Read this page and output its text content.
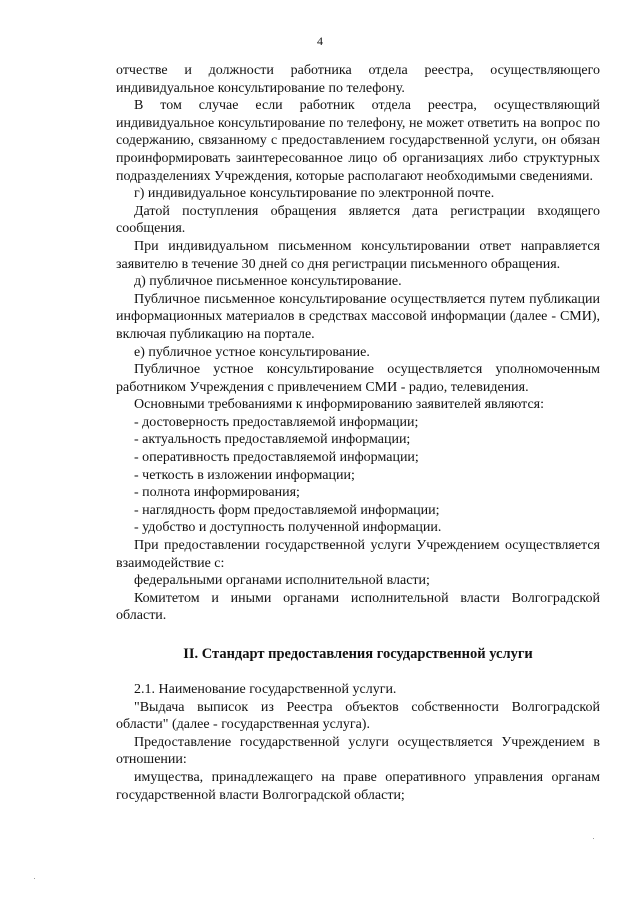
4

отчестве и должности работника отдела реестра, осуществляющего индивидуальное консультирование по телефону.

В том случае если работник отдела реестра, осуществляющий индивидуальное консультирование по телефону, не может ответить на вопрос по содержанию, связанному с предоставлением государственной услуги, он обязан проинформировать заинтересованное лицо об организациях либо структурных подразделениях Учреждения, которые располагают необходимыми сведениями.

г) индивидуальное консультирование по электронной почте.

Датой поступления обращения является дата регистрации входящего сообщения.

При индивидуальном письменном консультировании ответ направляется заявителю в течение 30 дней со дня регистрации письменного обращения.

д) публичное письменное консультирование.

Публичное письменное консультирование осуществляется путем публикации информационных материалов в средствах массовой информации (далее - СМИ), включая публикацию на портале.

е) публичное устное консультирование.

Публичное устное консультирование осуществляется уполномоченным работником Учреждения с привлечением СМИ - радио, телевидения.

Основными требованиями к информированию заявителей являются:

- достоверность предоставляемой информации;

- актуальность предоставляемой информации;

- оперативность предоставляемой информации;

- четкость в изложении информации;

- полнота информирования;

- наглядность форм предоставляемой информации;

- удобство и доступность полученной информации.

При предоставлении государственной услуги Учреждением осуществляется взаимодействие с:

федеральными органами исполнительной власти;

Комитетом и иными органами исполнительной власти Волгоградской области.

II. Стандарт предоставления государственной услуги

2.1. Наименование государственной услуги.

"Выдача выписок из Реестра объектов собственности Волгоградской области" (далее - государственная услуга).

Предоставление государственной услуги осуществляется Учреждением в отношении:

имущества, принадлежащего на праве оперативного управления органам государственной власти Волгоградской области;
